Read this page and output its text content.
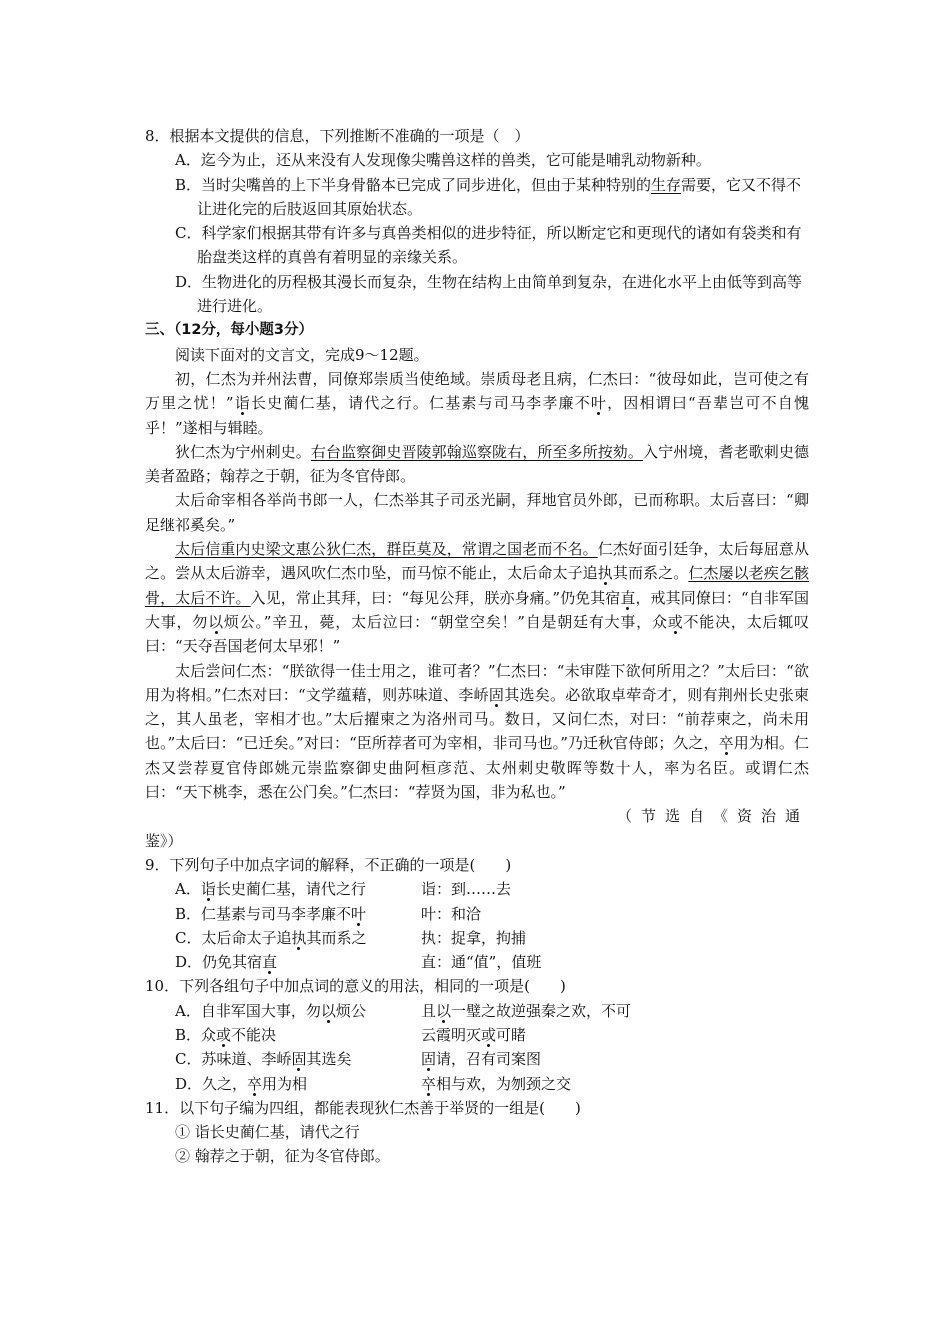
8．根据本文提供的信息，下列推断不准确的一项是（　）

A．迄今为止，还从来没有人发现像尖嘴兽这样的兽类，它可能是哺乳动物新种。

B．当时尖嘴兽的上下半身骨骼本已完成了同步进化，但由于某种特别的生存需要，它又不得不让进化完的后肢返回其原始状态。

C．科学家们根据其带有许多与真兽类相似的进步特征，所以断定它和更现代的诸如有袋类和有胎盘类这样的真兽有着明显的亲缘关系。

D．生物进化的历程极其漫长而复杂，生物在结构上由简单到复杂，在进化水平上由低等到高等进行进化。

三、（12分，每小题3分）

阅读下面对的文言文，完成9～12题。

初，仁杰为并州法曹，同僚郑崇质当使绝域。崇质母老且病，仁杰曰：“彼母如此，岂可使之有万里之忧！”诣长史蔺仁基，请代之行。仁基素与司马李孝廉不叶，因相谓曰“吾辈岂可不自愧乎！”遂相与辑睦。

狄仁杰为宁州刺史。右台监察御史晋陵郭翰巡察陇右，所至多所按劾。入宁州境，耆老歌刺史德美者盈路；翰荐之于朝，征为冬官侍郎。

太后命宰相各举尚书郎一人，仁杰举其子司丞光嗣，拜地官员外郎，已而称职。太后喜曰：“卿足继祁奚矣。”

太后信重内史梁文惠公狄仁杰，群臣莫及，常谓之国老而不名。仁杰好面引廷争，太后每屈意从之。尝从太后游幸，遇风吹仁杰巾坠，而马惊不能止，太后命太子追执其而系之。仁杰屡以老疾乞骸骨，太后不许。入见，常止其拜，曰：“每见公拜，朕亦身痛。”仍免其宿直，戒其同僚曰：“自非军国大事，勿以烦公。”辛丑，薨，太后泣曰：“朝堂空矣！”自是朝廷有大事，众或不能决，太后辄叹曰：“天夺吾国老何太早邪！”

太后尝问仁杰：“朕欲得一佳士用之，谁可者？”仁杰曰：“未审陛下欲何所用之？”太后曰：“欲用为将相。”仁杰对曰：“文学蕴藉，则苏味道、李峤固其选矣。必欲取卓荦奇才，则有荆州长史张柬之，其人虽老，宰相才也。”太后擢柬之为洛州司马。数日，又问仁杰，对曰：“前荐柬之，尚未用也。”太后曰：“已迁矣。”对曰：“臣所荐者可为宰相，非司马也。”乃迁秋官侍郎；久之，卒用为相。仁杰又尝荐夏官侍郎姚元崇监察御史曲阿桓彦范、太州刺史敬晖等数十人，率为名臣。或谓仁杰曰：“天下桃李，悉在公门矣。”仁杰曰：“荐贤为国，非为私也。”

（节选自《资治通

鉴》）

9．下列句子中加点字词的解释，不正确的一项是(　　)

A．诣长史蔺仁基，请代之行	诣：到……去
B．仁基素与司马李孝廉不叶	叶：和洽
C．太后命太子追执其而系之	执：捉拿，拘捕
D．仍免其宿直	直：通“值”，值班

10．下列各组句子中加点词的意义的用法，相同的一项是(　　)

A．自非军国大事，勿以烦公	且以一璧之故逆强秦之欢，不可
B．众或不能决	云霞明灭或可睹
C．苏味道、李峤固其选矣	固请，召有司案图
D．久之，卒用为相	卒相与欢，为刎颈之交

11．以下句子编为四组，都能表现狄仁杰善于举贤的一组是(　　)

① 诣长史蔺仁基，请代之行

② 翰荐之于朝，征为冬官侍郎。
